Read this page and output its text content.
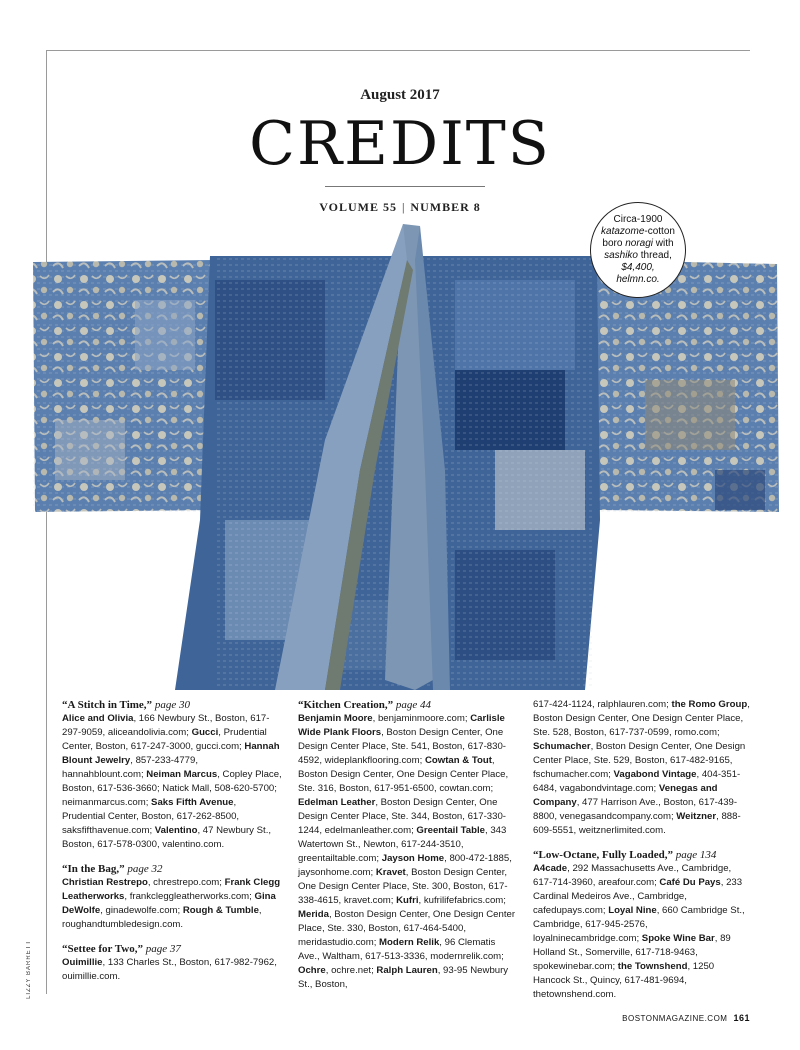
August 2017
CREDITS
VOLUME 55 | NUMBER 8
Circa-1900
katazome-cotton
boro noragi with
sashiko thread,
$4,400,
helmn.co.
LIZZY BARRETT
“A Stitch in Time,” page 30
Alice and Olivia, 166 Newbury St., Boston, 617-297-9059, aliceandolivia.com; Gucci, Prudential Center, Boston, 617-247-3000, gucci.com; Hannah Blount Jewelry, 857-233-4779, hannahblount.com; Neiman Marcus, Copley Place, Boston, 617-536-3660; Natick Mall, 508-620-5700; neimanmarcus.com; Saks Fifth Avenue, Prudential Center, Boston, 617-262-8500, saksfifthavenue.com; Valentino, 47 Newbury St., Boston, 617-578-0300, valentino.com.
“In the Bag,” page 32
Christian Restrepo, chrestrepo.com; Frank Clegg Leatherworks, frankcleggleatherworks.com; Gina DeWolfe, ginadewolfe.com; Rough & Tumble, roughandtumbledesign.com.
“Settee for Two,” page 37
Ouimillie, 133 Charles St., Boston, 617-982-7962, ouimillie.com.
“Kitchen Creation,” page 44
Benjamin Moore, benjaminmoore.com; Carlisle Wide Plank Floors, Boston Design Center, One Design Center Place, Ste. 541, Boston, 617-830-4592, wideplankflooring.com; Cowtan & Tout, Boston Design Center, One Design Center Place, Ste. 316, Boston, 617-951-6500, cowtan.com; Edelman Leather, Boston Design Center, One Design Center Place, Ste. 344, Boston, 617-330-1244, edelmanleather.com; Greentail Table, 343 Watertown St., Newton, 617-244-3510, greentailtable.com; Jayson Home, 800-472-1885, jaysonhome.com; Kravet, Boston Design Center, One Design Center Place, Ste. 300, Boston, 617-338-4615, kravet.com; Kufri, kufrilifefabrics.com; Merida, Boston Design Center, One Design Center Place, Ste. 330, Boston, 617-464-5400, meridastudio.com; Modern Relik, 96 Clematis Ave., Waltham, 617-513-3336, modernrelik.com; Ochre, ochre.net; Ralph Lauren, 93-95 Newbury St., Boston,
617-424-1124, ralphlauren.com; the Romo Group, Boston Design Center, One Design Center Place, Ste. 528, Boston, 617-737-0599, romo.com; Schumacher, Boston Design Center, One Design Center Place, Ste. 529, Boston, 617-482-9165, fschumacher.com; Vagabond Vintage, 404-351-6484, vagabondvintage.com; Venegas and Company, 477 Harrison Ave., Boston, 617-439-8800, venegasandcompany.com; Weitzner, 888-609-5551, weitznerlimited.com.
“Low-Octane, Fully Loaded,” page 134
A4cade, 292 Massachusetts Ave., Cambridge, 617-714-3960, areafour.com; Café Du Pays, 233 Cardinal Medeiros Ave., Cambridge, cafedupays.com; Loyal Nine, 660 Cambridge St., Cambridge, 617-945-2576, loyalninecambridge.com; Spoke Wine Bar, 89 Holland St., Somerville, 617-718-9463, spokewinebar.com; the Townshend, 1250 Hancock St., Quincy, 617-481-9694, thetownshend.com.
BOSTONMAGAZINE.COM 161
